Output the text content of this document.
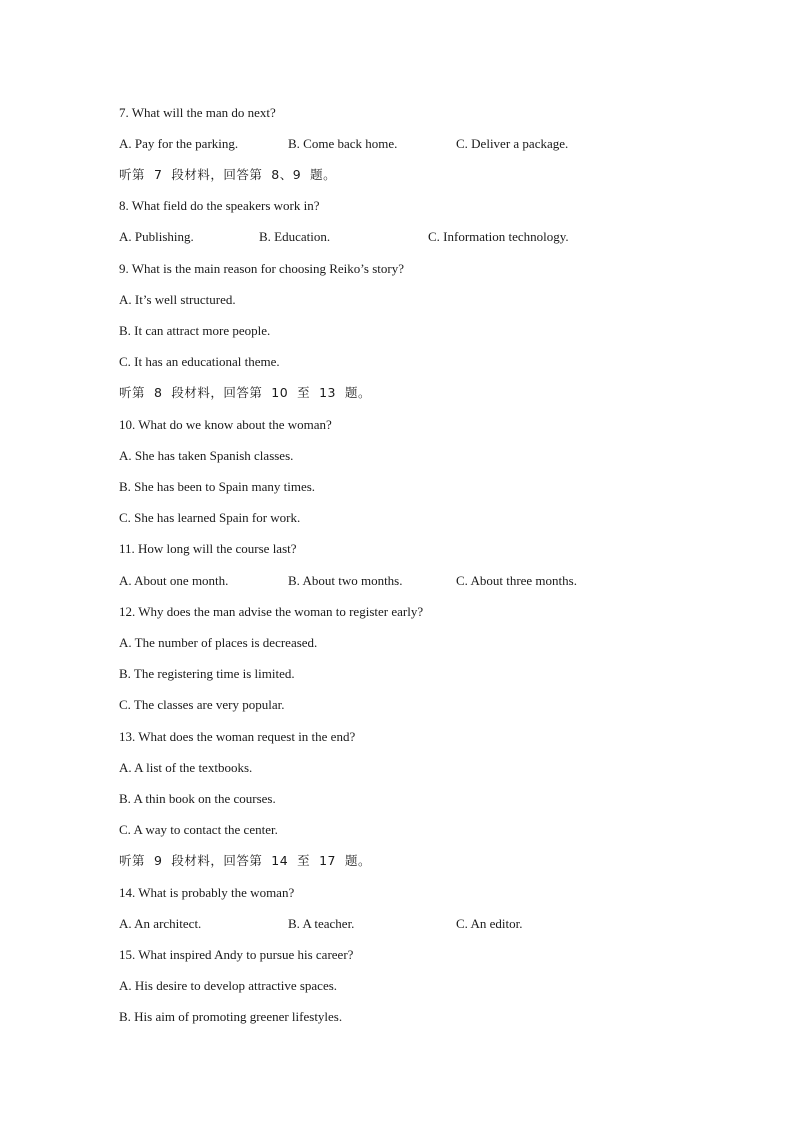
7. What will the man do next?
A. Pay for the parking.	B. Come back home.	C. Deliver a package.
听第  7  段材料，回答第  8、9  题。
8. What field do the speakers work in?
A. Publishing.	B. Education.	C. Information technology.
9. What is the main reason for choosing Reiko’s story?
A. It’s well structured.
B. It can attract more people.
C. It has an educational theme.
听第  8  段材料，回答第  10  至  13  题。
10. What do we know about the woman?
A. She has taken Spanish classes.
B. She has been to Spain many times.
C. She has learned Spain for work.
11. How long will the course last?
A. About one month.	B. About two months.	C. About three months.
12. Why does the man advise the woman to register early?
A. The number of places is decreased.
B. The registering time is limited.
C. The classes are very popular.
13. What does the woman request in the end?
A. A list of the textbooks.
B. A thin book on the courses.
C. A way to contact the center.
听第  9  段材料，回答第  14  至  17  题。
14. What is probably the woman?
A. An architect.	B. A teacher.	C. An editor.
15. What inspired Andy to pursue his career?
A. His desire to develop attractive spaces.
B. His aim of promoting greener lifestyles.
